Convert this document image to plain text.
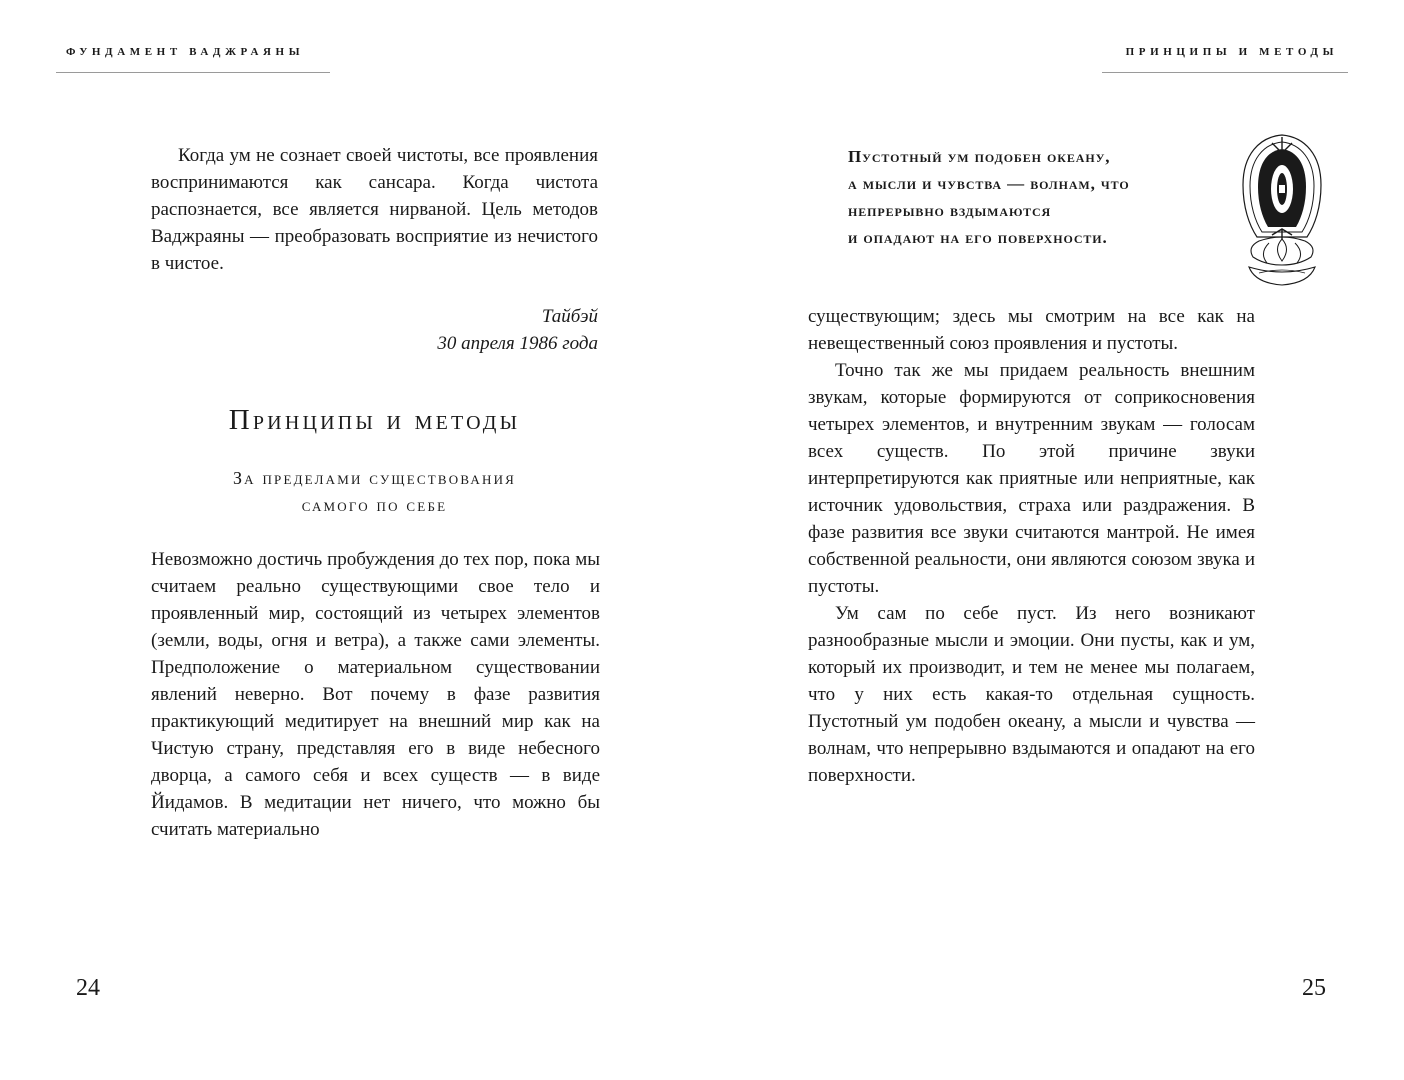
ФУНДАМЕНТ ВАДЖРАЯНЫ

Когда ум не сознает своей чистоты, все проявления воспринимаются как сансара. Когда чистота распознается, все является нирваной. Цель методов Ваджраяны — преобразовать восприятие из нечистого в чистое.

Тайбэй
30 апреля 1986 года
Принципы и методы
За пределами существования
самого по себе

Невозможно достичь пробуждения до тех пор, пока мы считаем реально существующими свое тело и проявленный мир, состоящий из четырех элементов (земли, воды, огня и ветра), а также сами элементы. Предположение о материальном существовании явлений неверно. Вот почему в фазе развития практикующий медитирует на внешний мир как на Чистую страну, представляя его в виде небесного дворца, а самого себя и всех существ — в виде Йидамов. В медитации нет ничего, что можно бы считать материально

24
ПРИНЦИПЫ И МЕТОДЫ
Пустотный ум подобен океану,
а мысли и чувства — волнам, что
непрерывно вздымаются
и опадают на его поверхности.

существующим; здесь мы смотрим на все как на невещественный союз проявления и пустоты.

Точно так же мы придаем реальность внешним звукам, которые формируются от соприкосновения четырех элементов, и внутренним звукам — голосам всех существ. По этой причине звуки интерпретируются как приятные или неприятные, как источник удовольствия, страха или раздражения. В фазе развития все звуки считаются мантрой. Не имея собственной реальности, они являются союзом звука и пустоты.

Ум сам по себе пуст. Из него возникают разнообразные мысли и эмоции. Они пусты, как и ум, который их производит, и тем не менее мы полагаем, что у них есть какая-то отдельная сущность. Пустотный ум подобен океану, а мысли и чувства — волнам, что непрерывно вздымаются и опадают на его поверхности.

25
